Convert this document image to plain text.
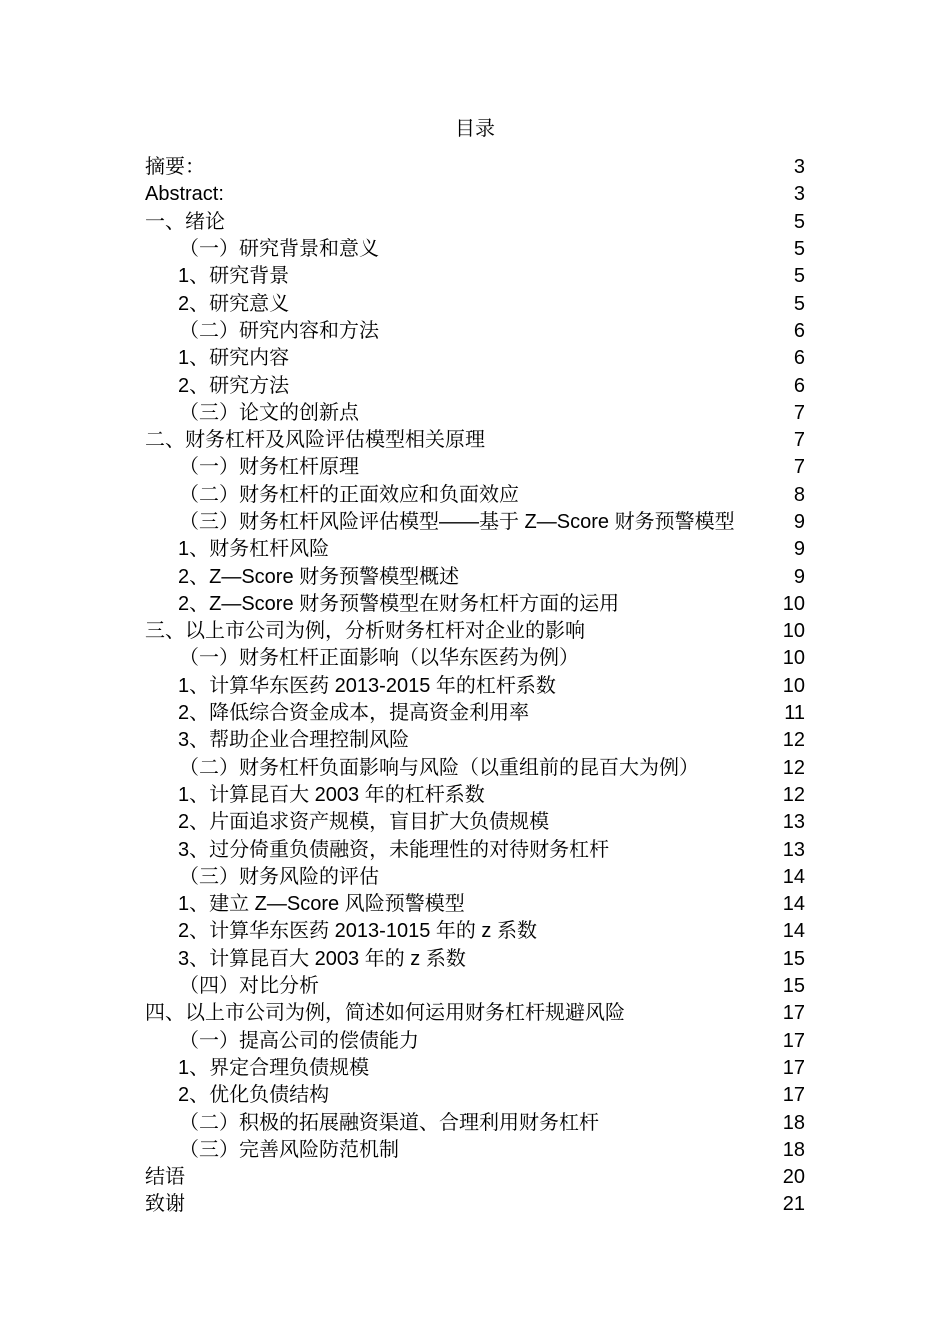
目录
摘要：	3
Abstract:	3
一、绪论	5
（一）研究背景和意义	5
1、研究背景	5
2、研究意义	5
（二）研究内容和方法	6
1、研究内容	6
2、研究方法	6
（三）论文的创新点	7
二、财务杠杆及风险评估模型相关原理	7
（一）财务杠杆原理	7
（二）财务杠杆的正面效应和负面效应	8
（三）财务杠杆风险评估模型——基于 Z—Score 财务预警模型	9
1、财务杠杆风险	9
2、Z—Score 财务预警模型概述	9
2、Z—Score 财务预警模型在财务杠杆方面的运用	10
三、以上市公司为例，分析财务杠杆对企业的影响	10
（一）财务杠杆正面影响（以华东医药为例）	10
1、计算华东医药 2013-2015 年的杠杆系数	10
2、降低综合资金成本，提高资金利用率	11
3、帮助企业合理控制风险	12
（二）财务杠杆负面影响与风险（以重组前的昆百大为例）	12
1、计算昆百大 2003 年的杠杆系数	12
2、片面追求资产规模，盲目扩大负债规模	13
3、过分倚重负债融资，未能理性的对待财务杠杆	13
（三）财务风险的评估	14
1、建立 Z—Score 风险预警模型	14
2、计算华东医药 2013-1015 年的 z 系数	14
3、计算昆百大 2003 年的 z 系数	15
（四）对比分析	15
四、以上市公司为例，简述如何运用财务杠杆规避风险	17
（一）提高公司的偿债能力	17
1、界定合理负债规模	17
2、优化负债结构	17
（二）积极的拓展融资渠道、合理利用财务杠杆	18
（三）完善风险防范机制	18
结语	20
致谢	21
